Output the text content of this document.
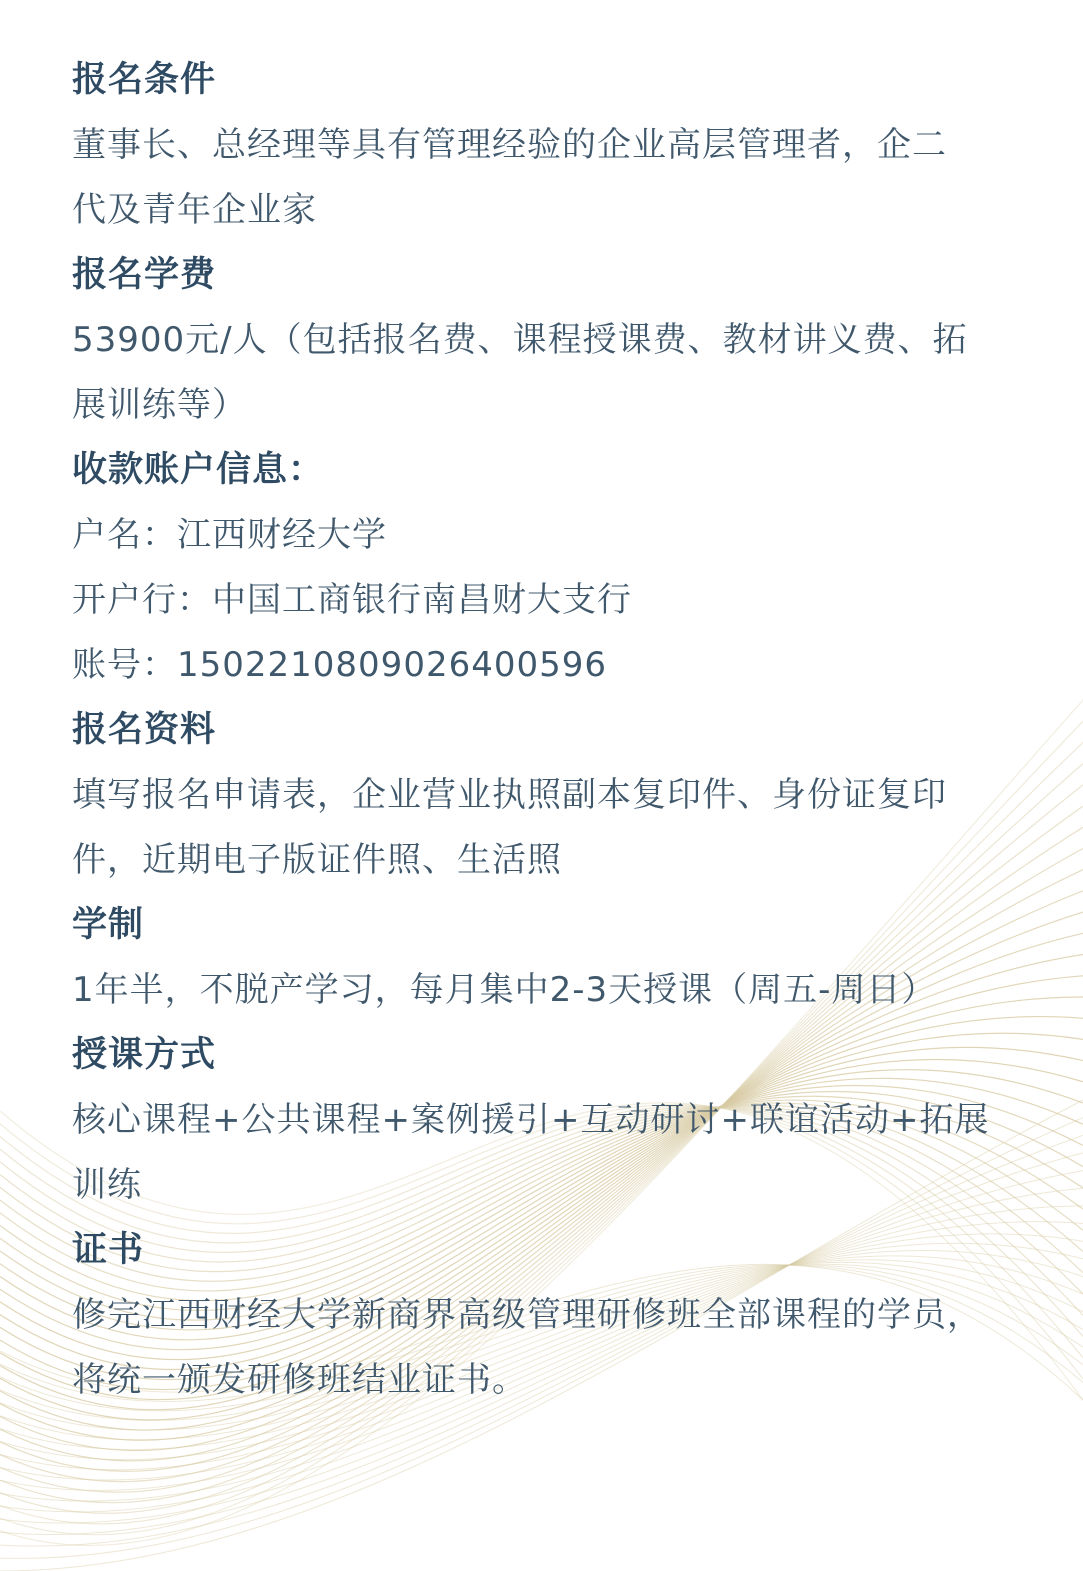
报名条件

董事长、总经理等具有管理经验的企业高层管理者，企二

代及青年企业家

报名学费

53900元/人（包括报名费、课程授课费、教材讲义费、拓

展训练等）

收款账户信息：

户名：江西财经大学

开户行：中国工商银行南昌财大支行

账号：1502210809026400596

报名资料

填写报名申请表，企业营业执照副本复印件、身份证复印

件，近期电子版证件照、生活照

学制

1年半，不脱产学习，每月集中2-3天授课（周五-周日）

授课方式

核心课程+公共课程+案例援引+互动研讨+联谊活动+拓展

训练

证书

修完江西财经大学新商界高级管理研修班全部课程的学员，

将统一颁发研修班结业证书。
